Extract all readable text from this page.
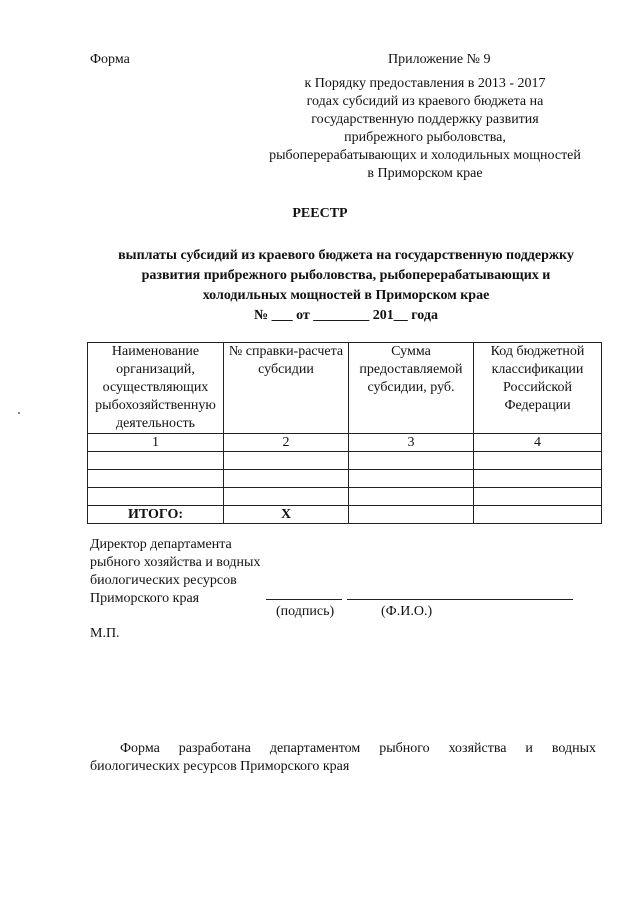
Форма	Приложение № 9
к Порядку предоставления в 2013 - 2017
годах субсидий из краевого бюджета на
государственную поддержку развития
прибрежного рыболовства,
рыбоперерабатывающих и холодильных мощностей
в Приморском крае
РЕЕСТР
выплаты субсидий из краевого бюджета на государственную поддержку
развития прибрежного рыболовства, рыбоперерабатывающих и
холодильных мощностей в Приморском крае
№ ___ от ________ 201__ года
Наименование организаций, осуществляющих рыбохозяйственную деятельность	№ справки-расчета субсидии	Сумма предоставляемой субсидии, руб.	Код бюджетной классификации Российской Федерации
1	2	3	4

ИТОГО:	Х		
Директор департамента
рыбного хозяйства и водных
биологических ресурсов
Приморского края
(подпись)	(Ф.И.О.)
М.П.
Форма разработана департаментом рыбного хозяйства и водных
биологических ресурсов Приморского края
